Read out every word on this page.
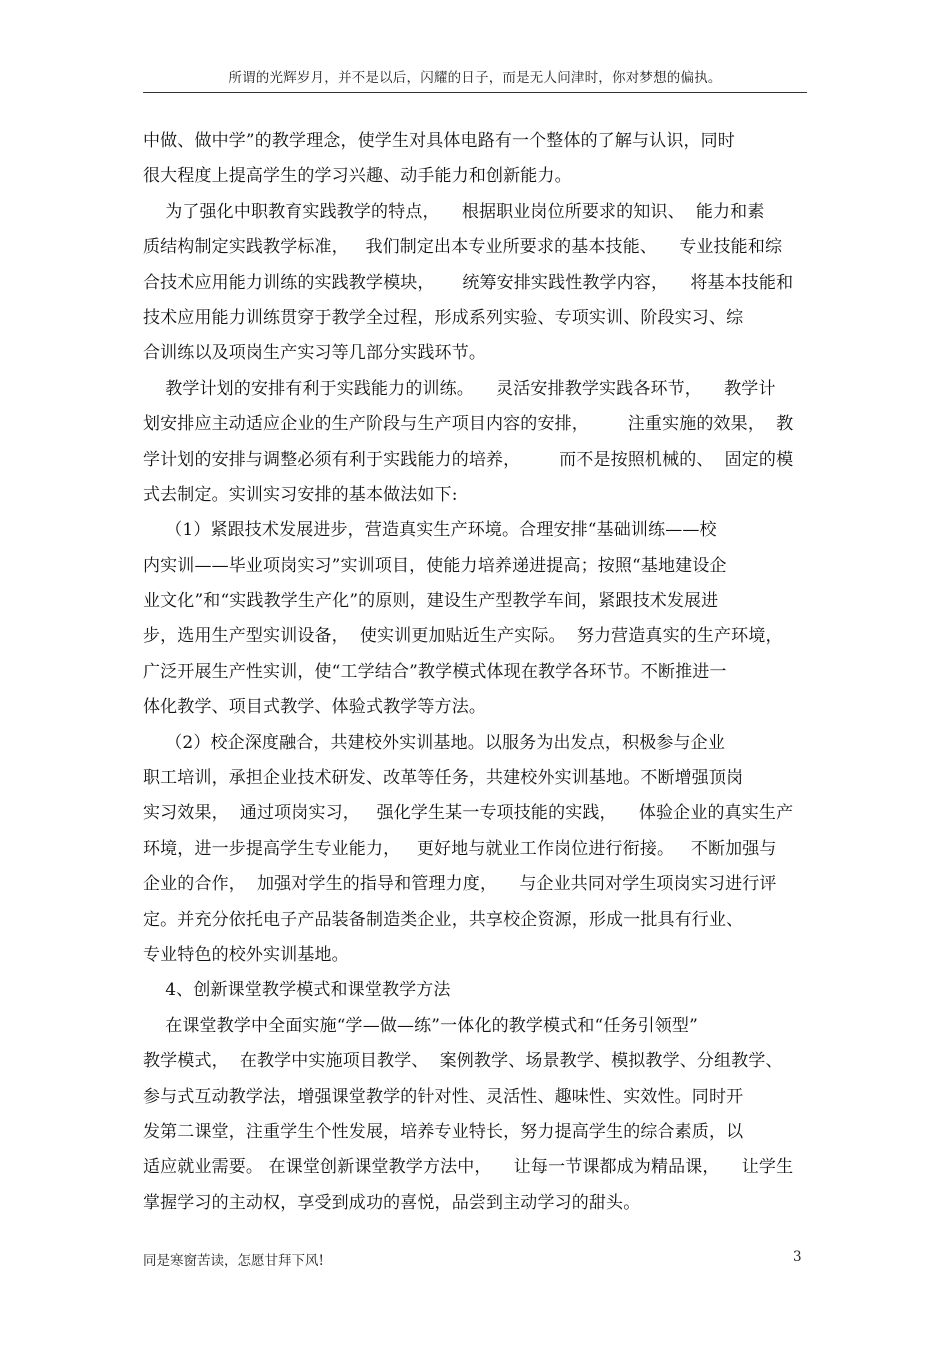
所谓的光辉岁月，并不是以后，闪耀的日子，而是无人问津时，你对梦想的偏执。
中做、做中学”的教学理念，使学生对具体电路有一个整体的了解与认识，同时
很大程度上提高学生的学习兴趣、动手能力和创新能力。
为了强化中职教育实践教学的特点，    根据职业岗位所要求的知识、  能力和素
质结构制定实践教学标准，   我们制定出本专业所要求的基本技能、    专业技能和综
合技术应用能力训练的实践教学模块，     统筹安排实践性教学内容，    将基本技能和
技术应用能力训练贯穿于教学全过程，形成系列实验、专项实训、阶段实习、综
合训练以及项岗生产实习等几部分实践环节。
教学计划的安排有利于实践能力的训练。    灵活安排教学实践各环节，    教学计
划安排应主动适应企业的生产阶段与生产项目内容的安排，       注重实施的效果，  教
学计划的安排与调整必须有利于实践能力的培养，       而不是按照机械的、  固定的模
式去制定。实训实习安排的基本做法如下:
（1）紧跟技术发展进步，营造真实生产环境。合理安排“基础训练——校
内实训——毕业项岗实习”实训项目，使能力培养递进提高；按照“基地建设企
业文化”和“实践教学生产化”的原则，建设生产型教学车间，紧跟技术发展进
步，选用生产型实训设备，  使实训更加贴近生产实际。  努力营造真实的生产环境，
广泛开展生产性实训，使“工学结合”教学模式体现在教学各环节。不断推进一
体化教学、项目式教学、体验式教学等方法。
（2）校企深度融合，共建校外实训基地。以服务为出发点，积极参与企业
职工培训，承担企业技术研发、改革等任务，共建校外实训基地。不断增强顶岗
实习效果，  通过项岗实习，   强化学生某一专项技能的实践，    体验企业的真实生产
环境，进一步提高学生专业能力，   更好地与就业工作岗位进行衔接。   不断加强与
企业的合作，  加强对学生的指导和管理力度，    与企业共同对学生项岗实习进行评
定。并充分依托电子产品装备制造类企业，共享校企资源，形成一批具有行业、
专业特色的校外实训基地。
4、创新课堂教学模式和课堂教学方法
在课堂教学中全面实施“学—做—练”一体化的教学模式和“任务引领型”
教学模式，  在教学中实施项目教学、  案例教学、场景教学、模拟教学、分组教学、
参与式互动教学法，增强课堂教学的针对性、灵活性、趣味性、实效性。同时开
发第二课堂，注重学生个性发展，培养专业特长，努力提高学生的综合素质，以
适应就业需要。 在课堂创新课堂教学方法中，    让每一节课都成为精品课，    让学生
掌握学习的主动权，享受到成功的喜悦，品尝到主动学习的甜头。
同是寒窗苦读，怎愿甘拜下风!	3
